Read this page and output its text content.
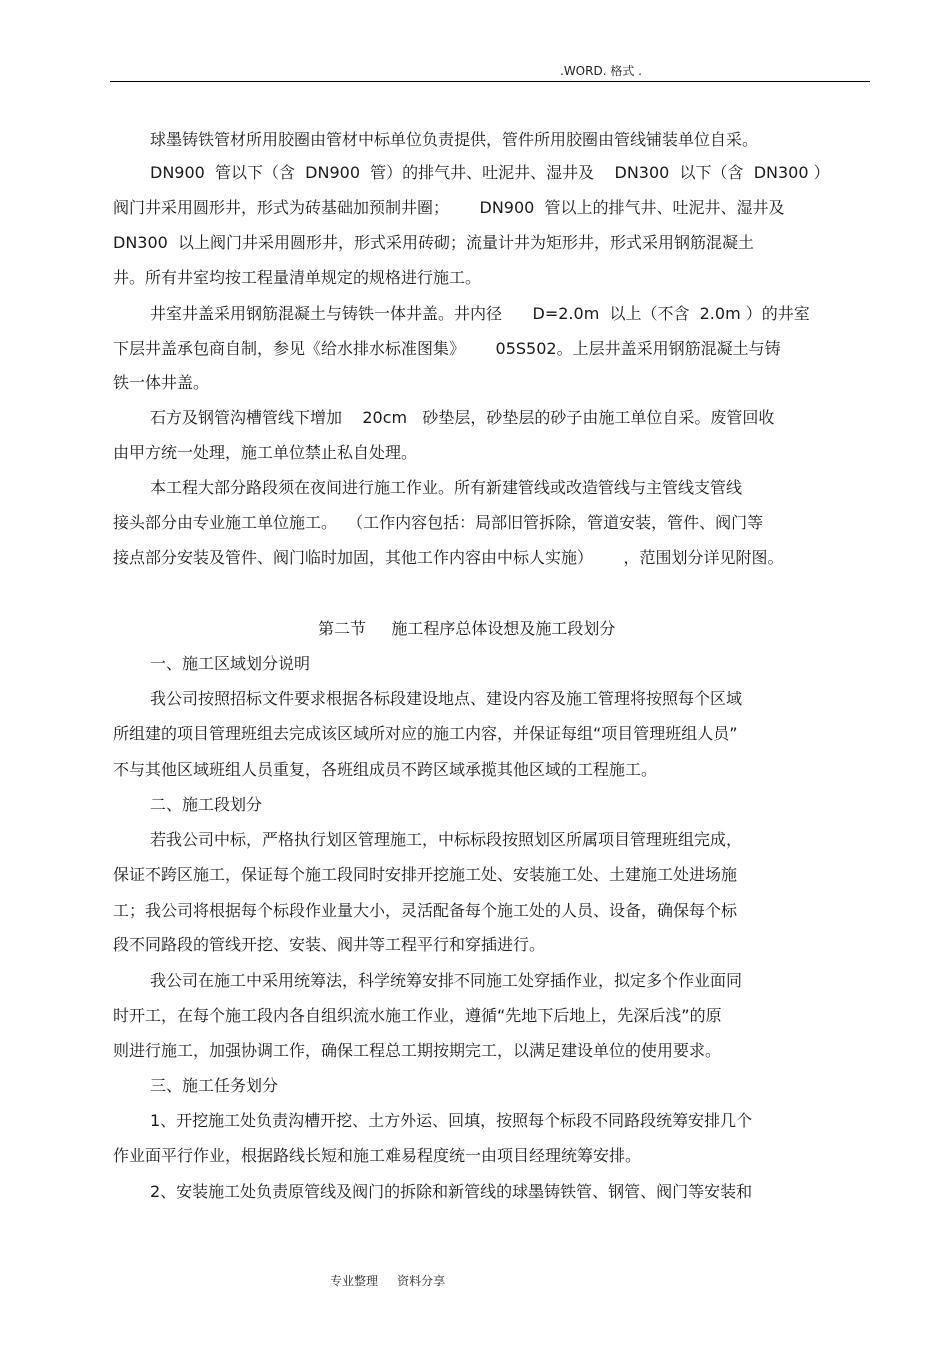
.WORD. 格式 .
球墨铸铁管材所用胶圈由管材中标单位负责提供，管件所用胶圈由管线铺装单位自采。
DN900  管以下（含  DN900  管）的排气井、吐泥井、湿井及    DN300  以下（含  DN300 ）
阀门井采用圆形井，形式为砖基础加预制井圈；      DN900  管以上的排气井、吐泥井、湿井及
DN300  以上阀门井采用圆形井，形式采用砖砌；流量计井为矩形井，形式采用钢筋混凝土
井。所有井室均按工程量清单规定的规格进行施工。
井室井盖采用钢筋混凝土与铸铁一体井盖。井内径      D=2.0m  以上（不含  2.0m ）的井室
下层井盖承包商自制，参见《给水排水标准图集》      05S502。上层井盖采用钢筋混凝土与铸
铁一体井盖。
石方及钢管沟槽管线下增加    20cm   砂垫层，砂垫层的砂子由施工单位自采。废管回收
由甲方统一处理，施工单位禁止私自处理。
本工程大部分路段须在夜间进行施工作业。所有新建管线或改造管线与主管线支管线
接头部分由专业施工单位施工。  （工作内容包括：局部旧管拆除，管道安装，管件、阀门等
接点部分安装及管件、阀门临时加固，其他工作内容由中标人实施）      ，范围划分详见附图。
第二节     施工程序总体设想及施工段划分
一、施工区域划分说明
我公司按照招标文件要求根据各标段建设地点、建设内容及施工管理将按照每个区域
所组建的项目管理班组去完成该区域所对应的施工内容，并保证每组“项目管理班组人员”
不与其他区域班组人员重复，各班组成员不跨区域承揽其他区域的工程施工。
二、施工段划分
若我公司中标，严格执行划区管理施工，中标标段按照划区所属项目管理班组完成，
保证不跨区施工，保证每个施工段同时安排开挖施工处、安装施工处、土建施工处进场施
工；我公司将根据每个标段作业量大小，灵活配备每个施工处的人员、设备，确保每个标
段不同路段的管线开挖、安装、阀井等工程平行和穿插进行。
我公司在施工中采用统筹法，科学统筹安排不同施工处穿插作业，拟定多个作业面同
时开工，在每个施工段内各自组织流水施工作业，遵循“先地下后地上，先深后浅”的原
则进行施工，加强协调工作，确保工程总工期按期完工，以满足建设单位的使用要求。
三、施工任务划分
1、开挖施工处负责沟槽开挖、土方外运、回填，按照每个标段不同路段统筹安排几个
作业面平行作业，根据路线长短和施工难易程度统一由项目经理统筹安排。
2、安装施工处负责原管线及阀门的拆除和新管线的球墨铸铁管、钢管、阀门等安装和
专业整理     资料分享
